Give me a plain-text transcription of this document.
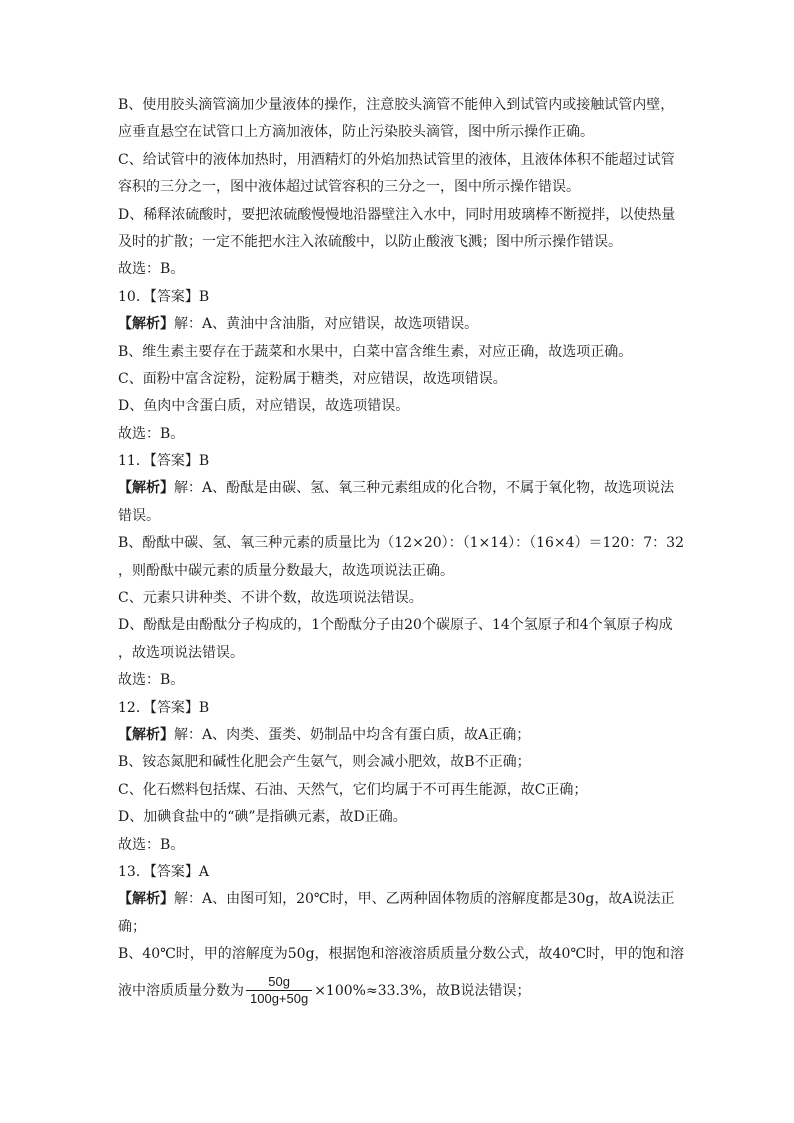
B、使用胶头滴管滴加少量液体的操作，注意胶头滴管不能伸入到试管内或接触试管内壁，
应垂直悬空在试管口上方滴加液体，防止污染胶头滴管，图中所示操作正确。
C、给试管中的液体加热时，用酒精灯的外焰加热试管里的液体，且液体体积不能超过试管
容积的三分之一，图中液体超过试管容积的三分之一，图中所示操作错误。
D、稀释浓硫酸时，要把浓硫酸慢慢地沿器壁注入水中，同时用玻璃棒不断搅拌，以使热量
及时的扩散；一定不能把水注入浓硫酸中，以防止酸液飞溅；图中所示操作错误。
故选：B。
10．【答案】B
【解析】解：A、黄油中含油脂，对应错误，故选项错误。
B、维生素主要存在于蔬菜和水果中，白菜中富含维生素，对应正确，故选项正确。
C、面粉中富含淀粉，淀粉属于糖类，对应错误，故选项错误。
D、鱼肉中含蛋白质，对应错误，故选项错误。
故选：B。
11．【答案】B
【解析】解：A、酚酞是由碳、氢、氧三种元素组成的化合物，不属于氧化物，故选项说法
错误。
B、酚酞中碳、氢、氧三种元素的质量比为（12×20）：（1×14）：（16×4）＝120：7：32
，则酚酞中碳元素的质量分数最大，故选项说法正确。
C、元素只讲种类、不讲个数，故选项说法错误。
D、酚酞是由酚酞分子构成的，1个酚酞分子由20个碳原子、14个氢原子和4个氧原子构成
，故选项说法错误。
故选：B。
12．【答案】B
【解析】解：A、肉类、蛋类、奶制品中均含有蛋白质，故A正确；
B、铵态氮肥和碱性化肥会产生氨气，则会减小肥效，故B不正确；
C、化石燃料包括煤、石油、天然气，它们均属于不可再生能源，故C正确；
D、加碘食盐中的“碘”是指碘元素，故D正确。
故选：B。
13．【答案】A
【解析】解：A、由图可知，20℃时，甲、乙两种固体物质的溶解度都是30g，故A说法正
确；
B、40℃时，甲的溶解度为50g，根据饱和溶液溶质质量分数公式，故40℃时，甲的饱和溶
液中溶质质量分数为 $\frac{50g}{100g+50g} \times 100\%\approx 33.3\%$，故B说法错误；
